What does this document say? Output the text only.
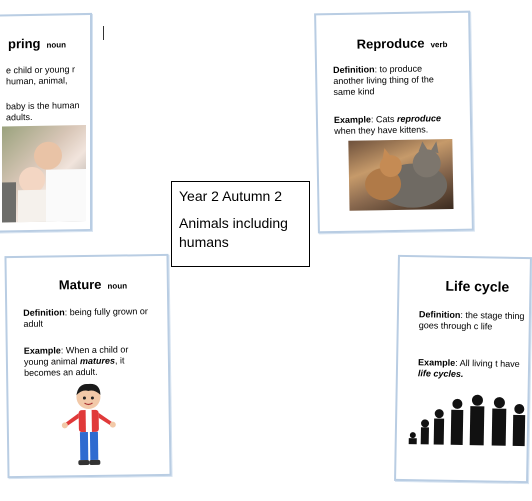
pring noun

e child or young r human, animal,

baby is the human adults.

Reproduce verb

Definition: to produce another living thing of the same kind

Example: Cats reproduce when they have kittens.

Year 2 Autumn 2
Animals including humans
Mature noun

Definition: being fully grown or adult

Example: When a child or young animal matures, it becomes an adult.

Life cycle

Definition: the stage thing goes through c life

Example: All living t have life cycles.
